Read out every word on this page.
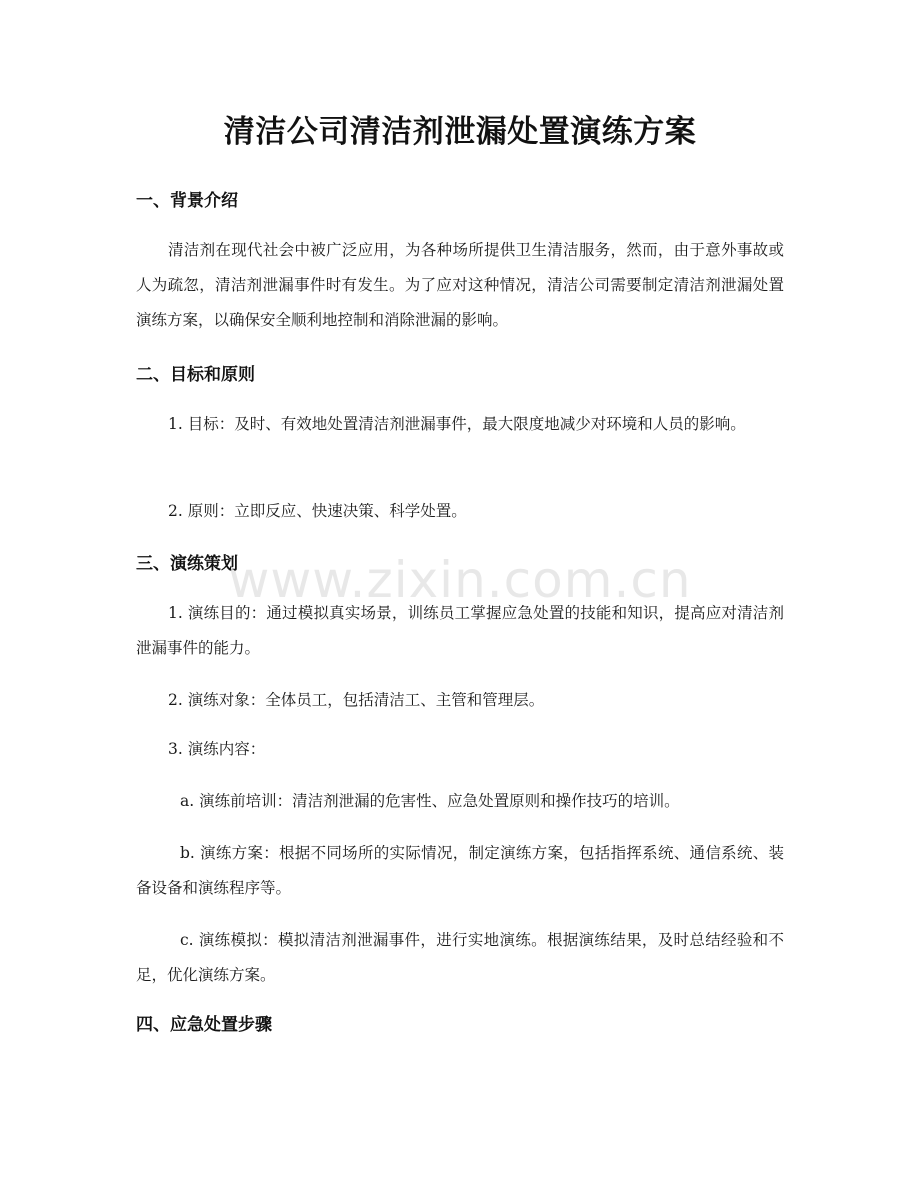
清洁公司清洁剂泄漏处置演练方案
一、背景介绍
清洁剂在现代社会中被广泛应用，为各种场所提供卫生清洁服务，然而，由于意外事故或人为疏忽，清洁剂泄漏事件时有发生。为了应对这种情况，清洁公司需要制定清洁剂泄漏处置演练方案，以确保安全顺利地控制和消除泄漏的影响。
二、目标和原则
1. 目标：及时、有效地处置清洁剂泄漏事件，最大限度地减少对环境和人员的影响。
2. 原则：立即反应、快速决策、科学处置。
三、演练策划
1. 演练目的：通过模拟真实场景，训练员工掌握应急处置的技能和知识，提高应对清洁剂泄漏事件的能力。
2. 演练对象：全体员工，包括清洁工、主管和管理层。
3. 演练内容：
a. 演练前培训：清洁剂泄漏的危害性、应急处置原则和操作技巧的培训。
b. 演练方案：根据不同场所的实际情况，制定演练方案，包括指挥系统、通信系统、装备设备和演练程序等。
c. 演练模拟：模拟清洁剂泄漏事件，进行实地演练。根据演练结果，及时总结经验和不足，优化演练方案。
四、应急处置步骤
www.zixin.com.cn
